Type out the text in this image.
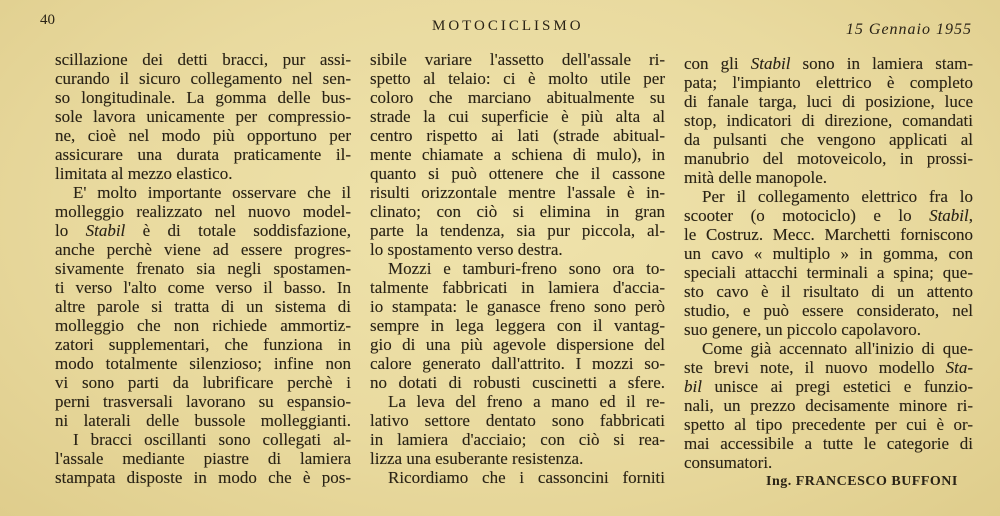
40	MOTOCICLISMO	15 Gennaio 1955
scillazione dei detti bracci, pur assi-
curando il sicuro collegamento nel sen-
so longitudinale. La gomma delle bus-
sole lavora unicamente per compressio-
ne, cioè nel modo più opportuno per
assicurare una durata praticamente il-
limitata al mezzo elastico.
E' molto importante osservare che il
molleggio realizzato nel nuovo model-
lo Stabil è di totale soddisfazione,
anche perchè viene ad essere progres-
sivamente frenato sia negli spostamen-
ti verso l'alto come verso il basso. In
altre parole si tratta di un sistema di
molleggio che non richiede ammortiz-
zatori supplementari, che funziona in
modo totalmente silenzioso; infine non
vi sono parti da lubrificare perchè i
perni trasversali lavorano su espansio-
ni laterali delle bussole molleggianti.
I bracci oscillanti sono collegati al-
l'assale mediante piastre di lamiera
stampata disposte in modo che è pos-
sibile variare l'assetto dell'assale ri-
spetto al telaio: ci è molto utile per
coloro che marciano abitualmente su
strade la cui superficie è più alta al
centro rispetto ai lati (strade abitual-
mente chiamate a schiena di mulo), in
quanto si può ottenere che il cassone
risulti orizzontale mentre l'assale è in-
clinato; con ciò si elimina in gran
parte la tendenza, sia pur piccola, al-
lo spostamento verso destra.
Mozzi e tamburi-freno sono ora to-
talmente fabbricati in lamiera d'accia-
io stampata: le ganasce freno sono però
sempre in lega leggera con il vantag-
gio di una più agevole dispersione del
calore generato dall'attrito. I mozzi so-
no dotati di robusti cuscinetti a sfere.
La leva del freno a mano ed il re-
lativo settore dentato sono fabbricati
in lamiera d'acciaio; con ciò si rea-
lizza una esuberante resistenza.
Ricordiamo che i cassoncini forniti
con gli Stabil sono in lamiera stam-
pata; l'impianto elettrico è completo
di fanale targa, luci di posizione, luce
stop, indicatori di direzione, comandati
da pulsanti che vengono applicati al
manubrio del motoveicolo, in prossi-
mità delle manopole.
Per il collegamento elettrico fra lo
scooter (o motociclo) e lo Stabil,
le Costruz. Mecc. Marchetti forniscono
un cavo « multiplo » in gomma, con
speciali attacchi terminali a spina; que-
sto cavo è il risultato di un attento
studio, e può essere considerato, nel
suo genere, un piccolo capolavoro.
Come già accennato all'inizio di que-
ste brevi note, il nuovo modello Sta-
bil unisce ai pregi estetici e funzio-
nali, un prezzo decisamente minore ri-
spetto al tipo precedente per cui è or-
mai accessibile a tutte le categorie di
consumatori.
Ing. FRANCESCO BUFFONI
